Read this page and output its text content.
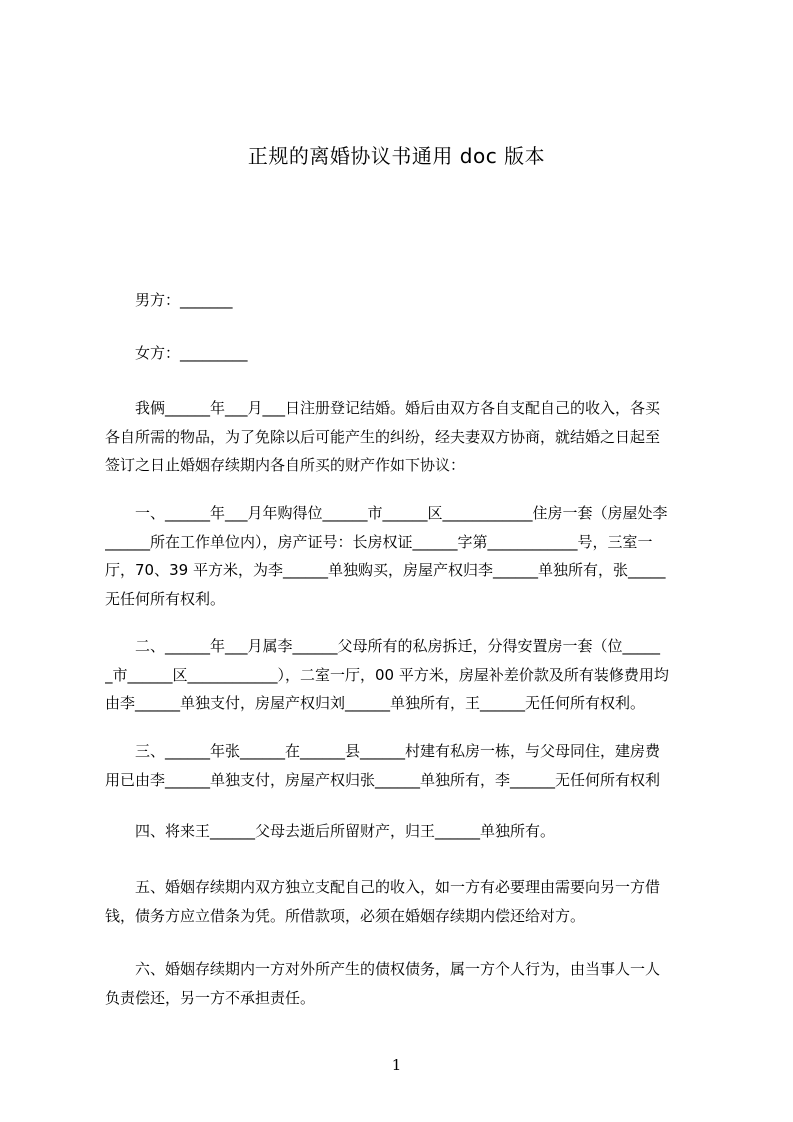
正规的离婚协议书通用 doc 版本
　　男方：_______
　　女方：_________
　　我俩______年___月___日注册登记结婚。婚后由双方各自支配自己的收入，各买
各自所需的物品，为了免除以后可能产生的纠纷，经夫妻双方协商，就结婚之日起至
签订之日止婚姻存续期内各自所买的财产作如下协议：
　　一、______年___月年购得位______市______区____________住房一套（房屋处李
______所在工作单位内），房产证号：长房权证______字第____________号，三室一
厅，70、39 平方米，为李______单独购买，房屋产权归李______单独所有，张_____
无任何所有权利。
　　二、______年___月属李______父母所有的私房拆迁，分得安置房一套（位_____
_市______区____________），二室一厅，00 平方米，房屋补差价款及所有装修费用均
由李______单独支付，房屋产权归刘______单独所有，王______无任何所有权利。
　　三、______年张______在______县______村建有私房一栋，与父母同住，建房费
用已由李______单独支付，房屋产权归张______单独所有，李______无任何所有权利
　　四、将来王______父母去逝后所留财产，归王______单独所有。
　　五、婚姻存续期内双方独立支配自己的收入，如一方有必要理由需要向另一方借
钱，债务方应立借条为凭。所借款项，必须在婚姻存续期内偿还给对方。
　　六、婚姻存续期内一方对外所产生的债权债务，属一方个人行为，由当事人一人
负责偿还，另一方不承担责任。
1
